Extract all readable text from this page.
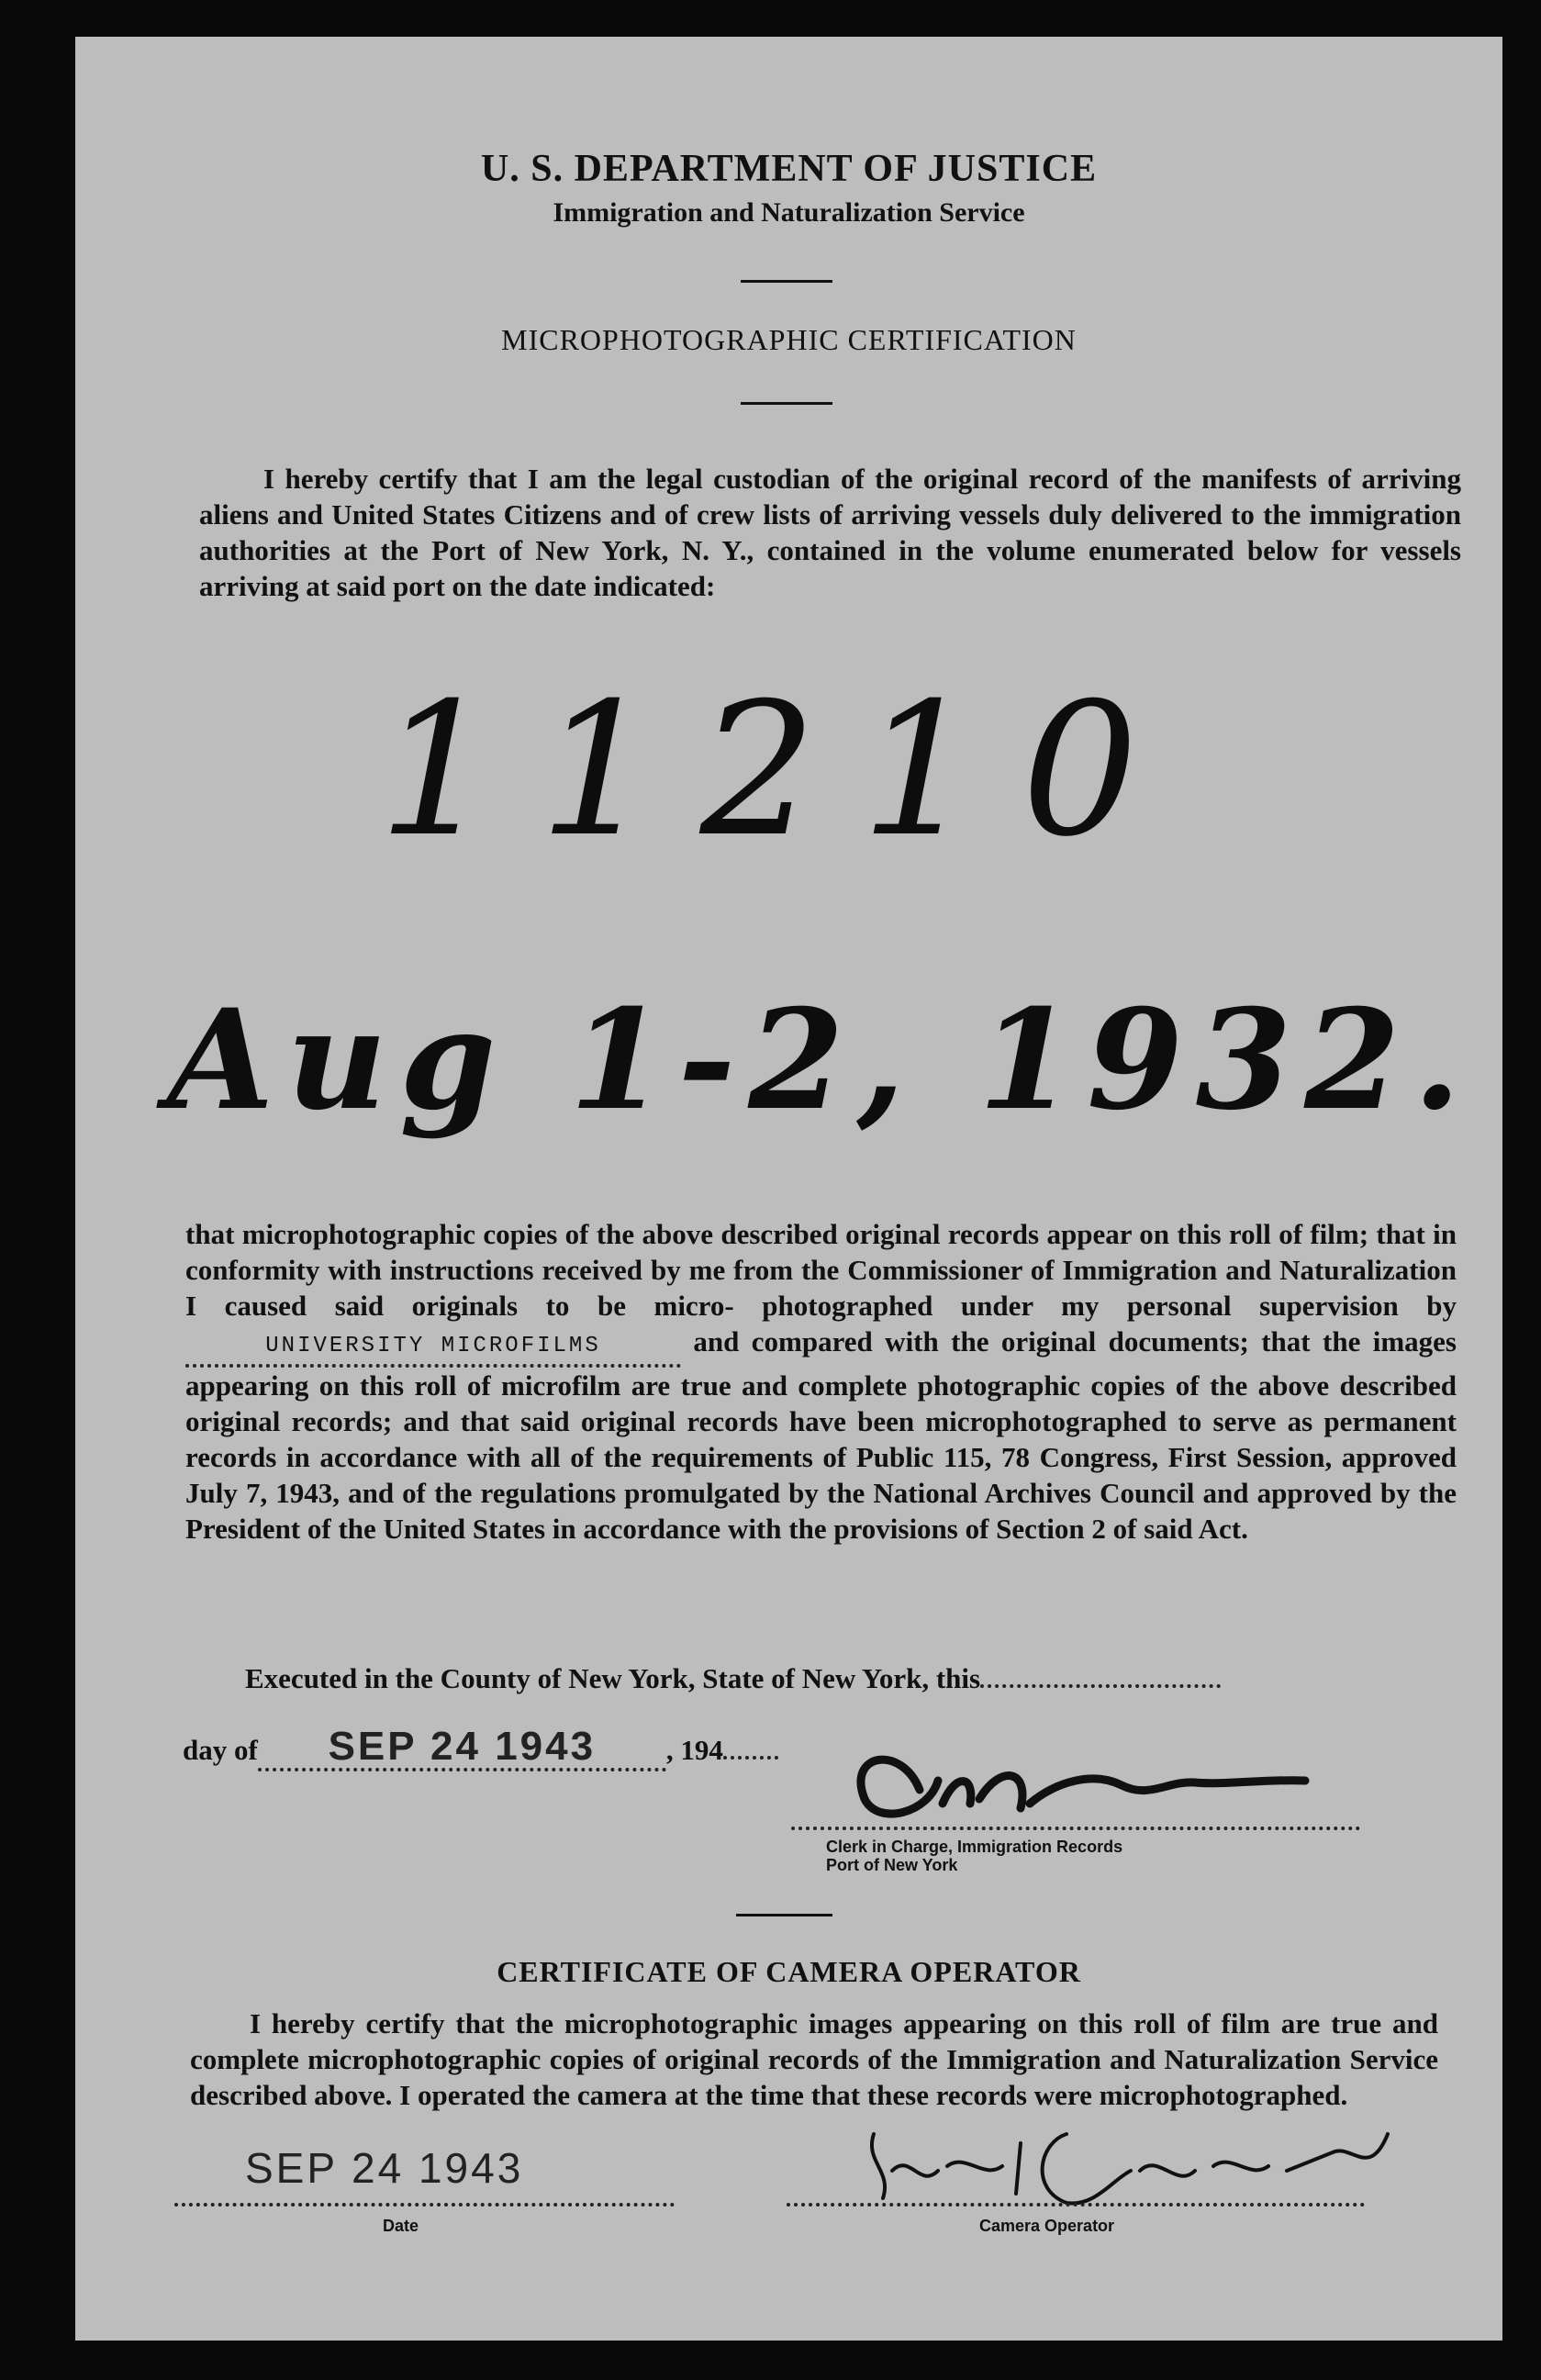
U. S. DEPARTMENT OF JUSTICE
Immigration and Naturalization Service
MICROPHOTOGRAPHIC CERTIFICATION
I hereby certify that I am the legal custodian of the original record of the manifests of arriving aliens and United States Citizens and of crew lists of arriving vessels duly delivered to the immigration authorities at the Port of New York, N. Y., contained in the volume enumerated below for vessels arriving at said port on the date indicated:
11210
Aug 1-2, 1932.
that microphotographic copies of the above described original records appear on this roll of film; that in conformity with instructions received by me from the Commissioner of Immigration and Naturalization I caused said originals to be micro- photographed under my personal supervision byUNIVERSITY MICROFILMS	and compared with the original documents; that the images appearing on this roll of microfilm are true and complete photographic copies of the above described original records; and that said original records have been microphotographed to serve as permanent records in accordance with all of the requirements of Public 115, 78 Congress, First Session, approved July 7, 1943, and of the regulations promulgated by the National Archives Council and approved by the President of the United States in accordance with the provisions of Section 2 of said Act.
Executed in the County of New York, State of New York, this
day of SEP 24 1943 , 194
Clerk in Charge, Immigration Records
Port of New York
CERTIFICATE OF CAMERA OPERATOR
I hereby certify that the microphotographic images appearing on this roll of film are true and complete microphotographic copies of original records of the Immigration and Naturalization Service described above. I operated the camera at the time that these records were microphotographed.
SEP 24 1943
Date	Camera Operator
